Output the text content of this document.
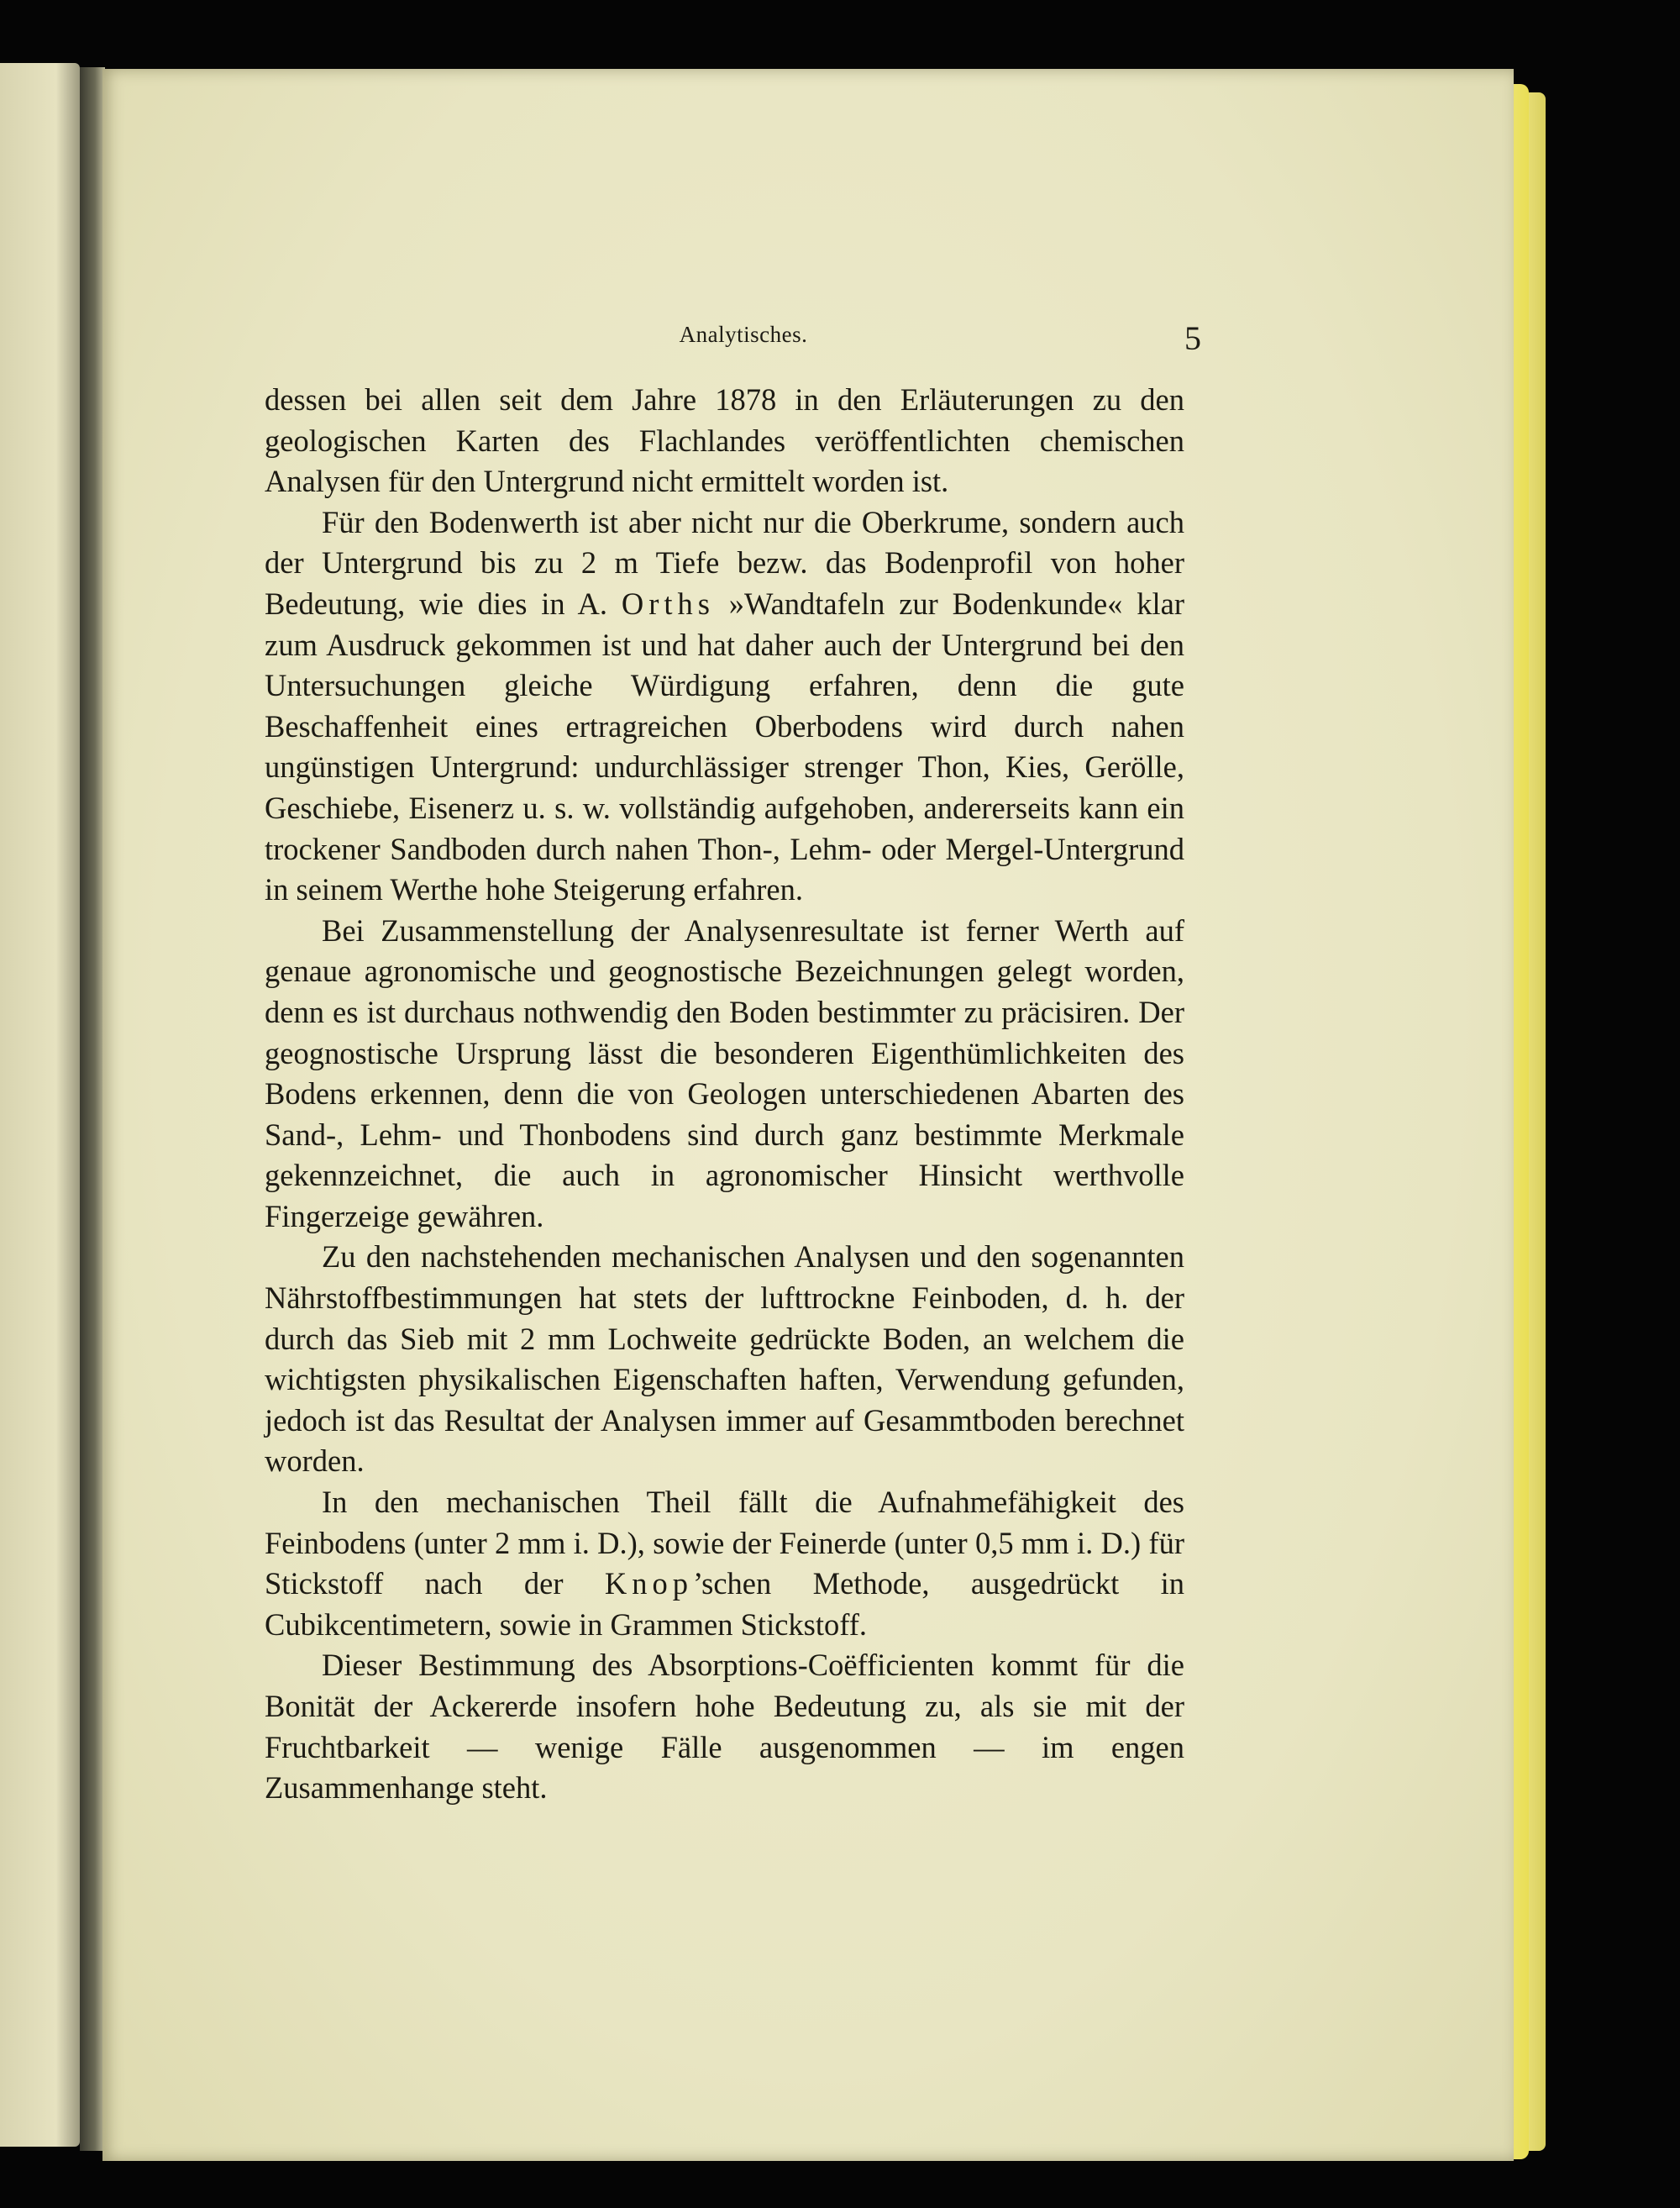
Analytisches.	5

dessen bei allen seit dem Jahre 1878 in den Erläuterungen zu den geologischen Karten des Flachlandes veröffentlichten chemischen Analysen für den Untergrund nicht ermittelt worden ist.

Für den Bodenwerth ist aber nicht nur die Oberkrume, sondern auch der Untergrund bis zu 2 m Tiefe bezw. das Bodenprofil von hoher Bedeutung, wie dies in A. Orths »Wandtafeln zur Bodenkunde« klar zum Ausdruck gekommen ist und hat daher auch der Untergrund bei den Untersuchungen gleiche Würdigung erfahren, denn die gute Beschaffenheit eines ertragreichen Oberbodens wird durch nahen ungünstigen Untergrund: undurchlässiger strenger Thon, Kies, Gerölle, Geschiebe, Eisenerz u. s. w. vollständig aufgehoben, andererseits kann ein trockener Sandboden durch nahen Thon-, Lehm- oder Mergel-Untergrund in seinem Werthe hohe Steigerung erfahren.

Bei Zusammenstellung der Analysenresultate ist ferner Werth auf genaue agronomische und geognostische Bezeichnungen gelegt worden, denn es ist durchaus nothwendig den Boden bestimmter zu präcisiren. Der geognostische Ursprung lässt die besonderen Eigenthümlichkeiten des Bodens erkennen, denn die von Geologen unterschiedenen Abarten des Sand-, Lehm- und Thonbodens sind durch ganz bestimmte Merkmale gekennzeichnet, die auch in agronomischer Hinsicht werthvolle Fingerzeige gewähren.

Zu den nachstehenden mechanischen Analysen und den sogenannten Nährstoffbestimmungen hat stets der lufttrockne Feinboden, d. h. der durch das Sieb mit 2 mm Lochweite gedrückte Boden, an welchem die wichtigsten physikalischen Eigenschaften haften, Verwendung gefunden, jedoch ist das Resultat der Analysen immer auf Gesammtboden berechnet worden.

In den mechanischen Theil fällt die Aufnahmefähigkeit des Feinbodens (unter 2 mm i. D.), sowie der Feinerde (unter 0,5 mm i. D.) für Stickstoff nach der Knop’schen Methode, ausgedrückt in Cubikcentimetern, sowie in Grammen Stickstoff.

Dieser Bestimmung des Absorptions-Coëfficienten kommt für die Bonität der Ackererde insofern hohe Bedeutung zu, als sie mit der Fruchtbarkeit — wenige Fälle ausgenommen — im engen Zusammenhange steht.
